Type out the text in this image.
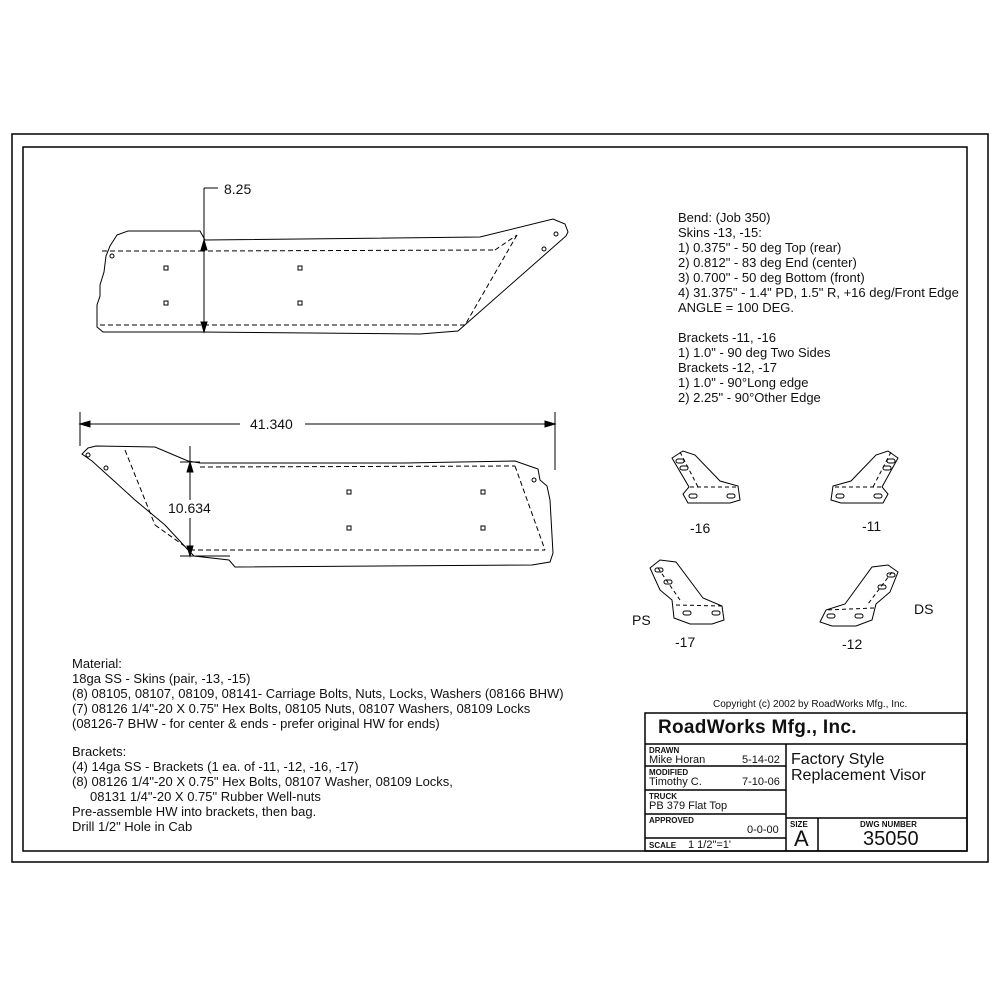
8.25
41.340
10.634
Bend: (Job 350)
Skins -13, -15:
1) 0.375" - 50 deg Top (rear)
2) 0.812" - 83 deg End (center)
3) 0.700" - 50 deg Bottom (front)
4) 31.375" - 1.4" PD, 1.5" R, +16 deg/Front Edge
ANGLE = 100 DEG.
Brackets -11, -16
1) 1.0" - 90 deg Two Sides
Brackets -12, -17
1) 1.0" - 90°Long edge
2) 2.25" - 90°Other Edge
-16	-11
PS
-17
DS
-12
Material:
18ga SS - Skins (pair, -13, -15)
(8) 08105, 08107, 08109, 08141- Carriage Bolts, Nuts, Locks, Washers (08166 BHW)
(7) 08126 1/4"-20 X 0.75" Hex Bolts, 08105 Nuts, 08107 Washers, 08109 Locks
(08126-7 BHW - for center & ends - prefer original HW for ends)
Brackets:
(4) 14ga SS - Brackets (1 ea. of -11, -12, -16, -17)
(8) 08126 1/4"-20 X 0.75" Hex Bolts, 08107 Washer, 08109 Locks,
08131 1/4"-20 X 0.75" Rubber Well-nuts
Pre-assemble HW into brackets, then bag.
Drill 1/2" Hole in Cab
Copyright (c) 2002 by RoadWorks Mfg., Inc.
RoadWorks Mfg., Inc.
DRAWN
Mike Horan	5-14-02
MODIFIED
Timothy C.	7-10-06
TRUCK
PB 379 Flat Top
APPROVED
0-0-00
SCALE 1 1/2"=1'
Factory Style
Replacement Visor
SIZE
A
DWG NUMBER
35050
